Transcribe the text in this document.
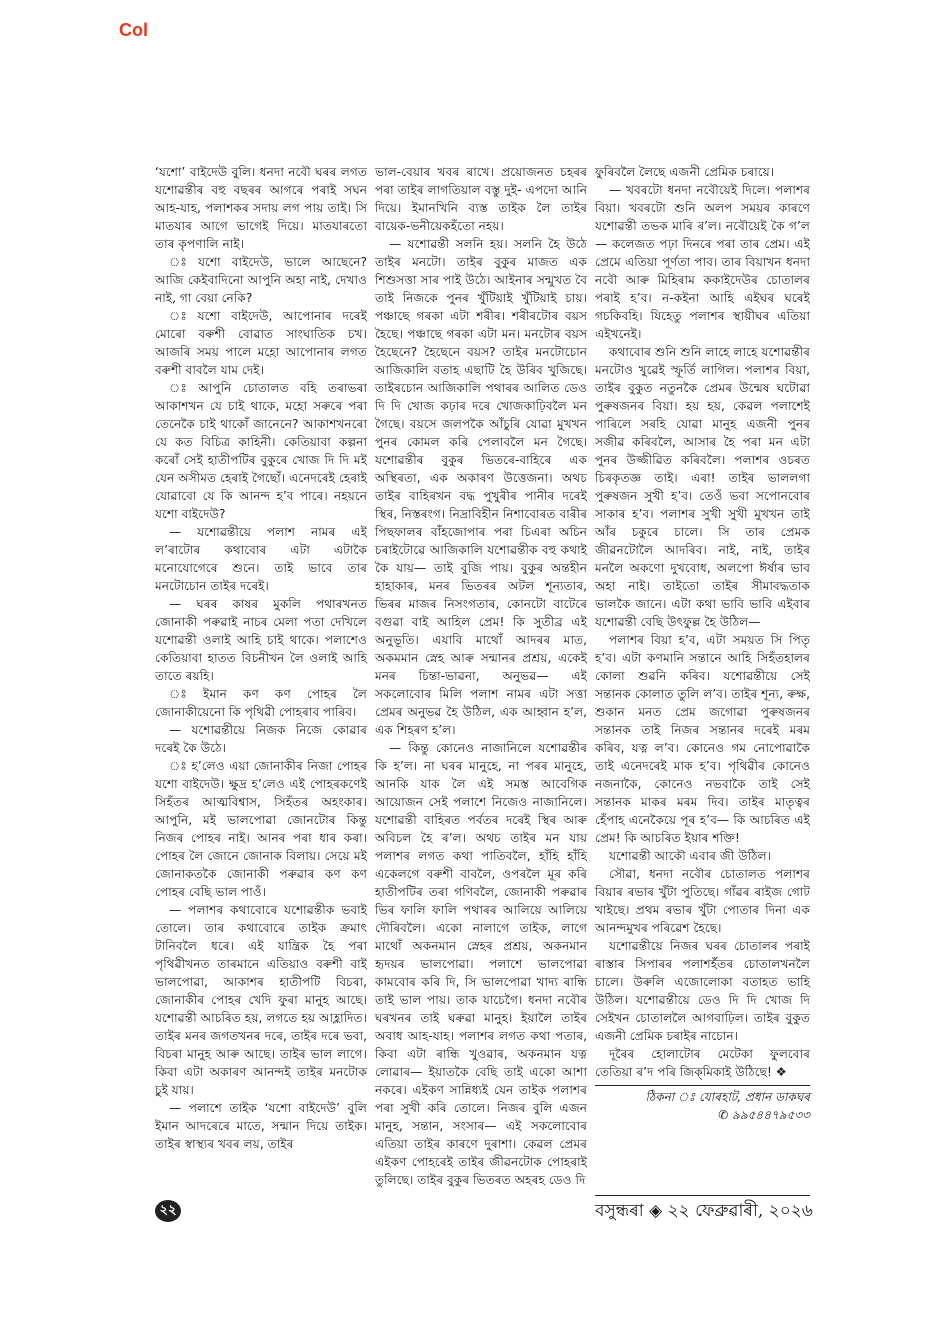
Col

‘যশো’ বাইদেউ বুলি। ধনদা নবৌ ঘৰৰ লগত যশোৱন্তীৰ বহু বছৰৰ আগৰে পৰাই সঘন আহ-যাহ, পলাশকৰ সদায় লগ পায় তাই। সি মাতযাৰ আগে ভাগেই দিয়ে। মাতযাৰতো তাৰ কৃপণালি নাই।

ঃ যশো বাইদেউ, ভালে আছেনে? আজি কেইবাদিনো আপুনি অহা নাই, দেখাও নাই, গা বেয়া নেকি?

ঃ যশো বাইদেউ, আপোনাৰ দৰেই মোৰো বৰুশী বোৱাত সাংঘাতিক চখ। আজৰি সময় পালে মহ়ো আপোনাৰ লগত বৰুশী বাবলৈ যাম দেই।

ঃ আপুনি চোতালত বহি তৰাভৰা আকাশখন যে চাই থাকে, মহ়ো সৰুৰে পৰা তেনেকৈ চাই থাকোঁ জানেনে? আকাশখনৰো যে কত বিচিত্ৰ কাহিনী। কেতিয়াবা কল্পনা কৰোঁ সেই হাতীপটিৰ বুকুৰে খোজ দি দি মই যেন অসীমত হেৰাই গৈছোঁ। এনেদৰেই হেৰাই যোৱাবো যে কি আনন্দ হ’ব পাৰে। নহয়নে যশো বাইদেউ?

— যশোৱন্তীয়ে পলাশ নামৰ এই ল’ৰাটোৰ কথাবোৰ এটা এটাকৈ মনোযোগেৰে শুনে। তাই ভাবে তাৰ মনটোচোন তাইৰ দৰেই।

— ঘৰৰ কাষৰ মুকলি পথাৰখনত জোনাকী পৰুৱাই নাচৰ মেলা পতা দেখিলে যশোৱন্তী ওলাই আহি চাই থাকে। পলাশেও কেতিয়াবা হাতত বিচনীখন লৈ ওলাই আহি তাতে ৰয়হি।

ঃ ইমান কণ কণ পোহৰ লৈ জোনাকীয়েনো কি পৃথিৱী পোহৰাব পাৰিব।

— যশোৱন্তীয়ে নিজক নিজে কোৱাৰ দৰেই কৈ উঠে।

ঃ হ’লেও এয়া জোনাকীৰ নিজা পোহৰ যশো বাইদেউ। ক্ষুদ্ৰ হ’লেও এই পোহৰকণেই সিহঁতৰ আত্মবিশ্বাস, সিহঁতৰ অহংকাৰ। আপুনি, মই ভালপোৱা জোনটোৰ কিন্তু নিজৰ পোহৰ নাই। আনৰ পৰা ধাৰ কৰা। পোহৰ লৈ জোনে জোনাক বিলায়। সেয়ে মই জোনাকতকৈ জোনাকী পৰুৱাৰ কণ কণ পোহৰ বেছি ভাল পাওঁ।

— পলাশৰ কথাবোৰে যশোৱন্তীক ভবাই তোলে। তাৰ কথাবোৰে তাইক ক্ৰমাৎ টানিবলৈ ধৰে। এই যান্ত্ৰিক হৈ পৰা পৃথিৱীখনত তাৰমানে এতিয়াও বৰুশী বাই ভালপোৱা, আকাশৰ হাতীপটি বিচৰা, জোনাকীৰ পোহৰ খেদি ফুৰা মানুহ আছে। যশোৱন্তী আচৰিত হয়, লগতে হয় আহ্লাদিত। তাইৰ মনৰ জগতখনৰ দৰে, তাইৰ দৰে ভবা, বিচৰা মানুহ আৰু আছে। তাইৰ ভাল লাগে। কিবা এটা অকাৰণ আনন্দই তাইৰ মনটোক চুই যায়।

— পলাশে তাইক ‘যশো বাইদেউ’ বুলি ইমান আদৰেৰে মাতে, সন্মান দিয়ে তাইক। তাইৰ স্বাস্থ্যৰ খবৰ লয়, তাইৰ

ভাল-বেয়াৰ খবৰ ৰাখে। প্ৰয়োজনত চহৰৰ পৰা তাইৰ লাগতিয়াল বস্তু দুই- এপদো আনি দিয়ে। ইমানখিনি ব্যস্ত তাইক লৈ তাইৰ বায়েক-ভনীয়েকহঁতো নহয়।

— যশোৱন্তী সলনি হয়। সলনি হৈ উঠে তাইৰ মনটো। তাইৰ বুকুৰ মাজত এক শিশুসত্তা সাৰ পাই উঠে। আইনাৰ সন্মুখত বৈ তাই নিজকে পুনৰ খুঁটিয়াই খুঁটিয়াই চায়। পঞ্চাছে গৰকা এটা শৰীৰ। শৰীৰটোৰ বয়স হৈছে। পঞ্চাছে গৰকা এটা মন। মনটোৰ বয়স হৈছেনে? হৈছেনে বয়স? তাইৰ মনটোচোন আজিকালি বতাহ এছাটি হৈ উৰিব খুজিছে। তাইৰচোন আজিকালি পথাৰৰ আলিত ডেও দি দি খোজ কঢ়াৰ দৰে খোজকাঢ়িবলৈ মন গৈছে। বয়সে জলপকৈ আঁচুৰি যোৱা মুখখন পুনৰ কোমল কৰি পেলাবলৈ মন গৈছে। যশোৱন্তীৰ বুকুৰ ভিতৰে-বাহিৰে এক অস্থিৰতা, এক অকাৰণ উত্তেজনা। অথচ তাইৰ বাহিৰখন বদ্ধ পুখুৰীৰ পানীৰ দৰেই স্থিৰ, নিস্তৰংগ। নিদ্ৰাবিহীন নিশাবোৰত বাৰীৰ পিছফালৰ বাঁহজোপাৰ পৰা চিএৰা অচিন চৰাইটোৱে আজিকালি যশোৱন্তীক বহু কথাই কৈ যায়— তাই বুজি পায়। বুকুৰ অন্তহীন হাহাকাৰ, মনৰ ভিতৰৰ অটল শূন্যতাৰ, ভিৰৰ মাজৰ নিসংগতাৰ, কোনটো বাটেৰে বগুৱা বাই আহিল প্ৰেম! কি সুতীব্ৰ এই অনুভূতি। এযাবি মাথোঁ আদৰৰ মাত, অকমমান স্নেহ আৰু সন্মানৰ প্ৰশ্ৰয়, একেই মনৰ চিন্তা-ভাৱনা, অনুভৱ— এই সকলোবোৰ মিলি পলাশ নামৰ এটা সত্তা প্ৰেমৰ অনুভৱ হৈ উঠিল, এক আহ্বান হ’ল, এক শিহৰণ হ’ল।

— কিন্তু কোনেও নাজানিলে যশোৱন্তীৰ কি হ’ল। না ঘৰৰ মানুহে, না পৰৰ মানুহে, আনকি যাক লৈ এই সমস্ত আবেগিক আয়োজন সেই পলাশে নিজেও নাজানিলে। যশোৱন্তী বাহিৰত পৰ্বতৰ দৰেই স্থিৰ আৰু অবিচল হৈ ৰ’ল। অথচ তাইৰ মন যায় পলাশৰ লগত কথা পাতিবলৈ, হাঁহি হাঁহি একেলগে বৰুশী বাবলৈ, ওপৰলৈ মূৰ কৰি হাতীপটিৰ তৰা গণিবলৈ, জোনাকী পৰুৱাৰ ভিৰ ফালি ফালি পথাৰৰ আলিয়ে আলিয়ে দৌৰিবলৈ। একো নালাগে তাইক, লাগে মাথোঁ অকনমান স্নেহৰ প্ৰশ্ৰয়, অকনমান হৃদয়ৰ ভালপোৱা। পলাশে ভালপোৱা কামবোৰ কৰি দি, সি ভালপোৱা খাদ্য ৰান্ধি তাই ভাল পায়। তাক যাচেগৈ। ধনদা নবৌৰ ঘৰখনৰ তাই ঘৰুৱা মানুহ। ইয়ালৈ তাইৰ অবাধ আহ-যাহ। পলাশৰ লগত কথা পতাৰ, কিবা এটা ৰান্ধি খুওৱাৰ, অকনমান যত্ন লোৱাৰ— ইয়াতকৈ বেছি তাই একো আশা নকৰে। এইকণ সান্নিধ্যই যেন তাইক পলাশৰ পৰা সুখী কৰি তোলে। নিজৰ বুলি এজন মানুহ, সন্তান, সংসাৰ— এই সকলোবোৰ এতিয়া তাইৰ কাৰণে দুৰাশা। কেৱল প্ৰেমৰ এইকণ পোহৰেই তাইৰ জীৱনটোক পোহৰাই তুলিছে। তাইৰ বুকুৰ ভিতৰত অহৰহ ডেও দি

ফুৰিবলৈ লৈছে এজনী প্ৰেমিক চৰায়ে।

— খবৰটো ধনদা নবৌয়েই দিলে। পলাশৰ বিয়া। খবৰটো শুনি অলপ সময়ৰ কাৰণে যশোৱন্তী তভক মাৰি ৰ’ল। নবৌয়েই কৈ গ’ল— কলেজত পঢ়া দিনৰে পৰা তাৰ প্ৰেম। এই প্ৰেমে এতিয়া পূৰ্ণতা পাব। তাৰ বিয়াখন ধনদা নবৌ আৰু মিহিৰাম ককাইদেউৰ চোতালৰ পৰাই হ’ব। ন-কইনা আহি এইঘৰ ঘৰেই গচকিবহি। যিহেতু পলাশৰ স্থায়ীঘৰ এতিয়া এইখনেই।

কথাবোৰ শুনি শুনি লাহে লাহে যশোৱন্তীৰ মনটোও খুৱেই স্ফূৰ্তি লাগিল। পলাশৰ বিয়া, তাইৰ বুকুত নতুনকৈ প্ৰেমৰ উন্মেষ ঘটোৱা পুৰুষজনৰ বিয়া। হয় হয়, কেৱল পলাশেই পাৰিলে সৰহি যোৱা মানুহ এজনী পুনৰ সজীৱ কৰিবলৈ, আসাৰ হৈ পৰা মন এটা পুনৰ উজ্জীৱিত কৰিবলৈ। পলাশৰ ওচৰত চিৰকৃতজ্ঞ তাই। এৰা! তাইৰ ভাললগা পুৰুষজন সুখী হ’ব। তেওঁ ভবা সপোনবোৰ সাকাৰ হ’ব। পলাশৰ সুখী সুখী মুখখন তাই আঁৰ চকুৰে চালে। সি তাৰ প্ৰেমক জীৱনটোলৈ আদৰিব। নাই, নাই, তাইৰ মনলৈ অকণো দুখবোধ, অলপো ঈৰ্ষাৰ ভাব অহা নাই। তাইতো তাইৰ সীমাবদ্ধতাক ভালকৈ জানে। এটা কথা ভাবি ভাবি এইবাৰ যশোৱন্তী বেছি উৎফুল্ল হৈ উঠিল—

পলাশৰ বিয়া হ’ব, এটা সময়ত সি পিতৃ হ’ব। এটা কণমানি সন্তানে আহি সিহঁতহালৰ কোলা শুৱনি কৰিব। যশোৱন্তীয়ে সেই সন্তানক কোলাত তুলি ল’ব। তাইৰ শূন্য, ৰুক্ষ, শুকান মনত প্ৰেম জগোৱা পুৰুষজনৰ সন্তানক তাই নিজৰ সন্তানৰ দৰেই মৰম কৰিব, যত্ন ল’ব। কোনেও গম নোপোৱাকৈ তাই এনেদৰেই মাক হ’ব। পৃথিৱীৰ কোনেও নজনাকৈ, কোনেও নভবাকৈ তাই সেই সন্তানক মাকৰ মৰম দিব। তাইৰ মাতৃত্বৰ হেঁপাহ এনেকৈয়ে পূৰ হ’ব— কি আচৰিত এই প্ৰেম! কি আচৰিত ইয়াৰ শক্তি!

যশোৱন্তী আকৌ এবাৰ জী উঠিল।

সৌৱা, ধনদা নবৌৰ চোতালত পলাশৰ বিয়াৰ ৰভাৰ খুঁটা পুতিছে। গাঁৱৰ ৰাইজ গোট খাইছে। প্ৰথম ৰভাৰ খুঁটা পোতাৰ দিনা এক আনন্দমুখৰ পৰিৱেশ হৈছে।

যশোৱন্তীয়ে নিজৰ ঘৰৰ চোতালৰ পৰাই ৰাস্তাৰ সিপাৰৰ পলাশৰ্হঁতৰ চোতালখনলৈ চালে। উৰুলি এজোলোকা বতাহত ভাহি উঠিল। যশোৱন্তীয়ে ডেও দি দি খোজ দি সেইখন চোতাললৈ আগবাঢ়িল। তাইৰ বুকুত এজনী প্ৰেমিক চৰাইৰ নাচোন।

দূৰৈৰ হোলাটোৰ মেটেকা ফুলবোৰ তেতিয়া ৰ’দ পৰি জিক্‌মিকাই উঠিছে! ❖

ঠিকনা ঃ যোৰহাট, প্ৰধান ডাকঘৰ
✆ ৯৯৫৪৪৭৯৫৩৩
২২	বসুন্ধৰা ◈ ২২ ফেব্ৰুৱাৰী, ২০২৬
